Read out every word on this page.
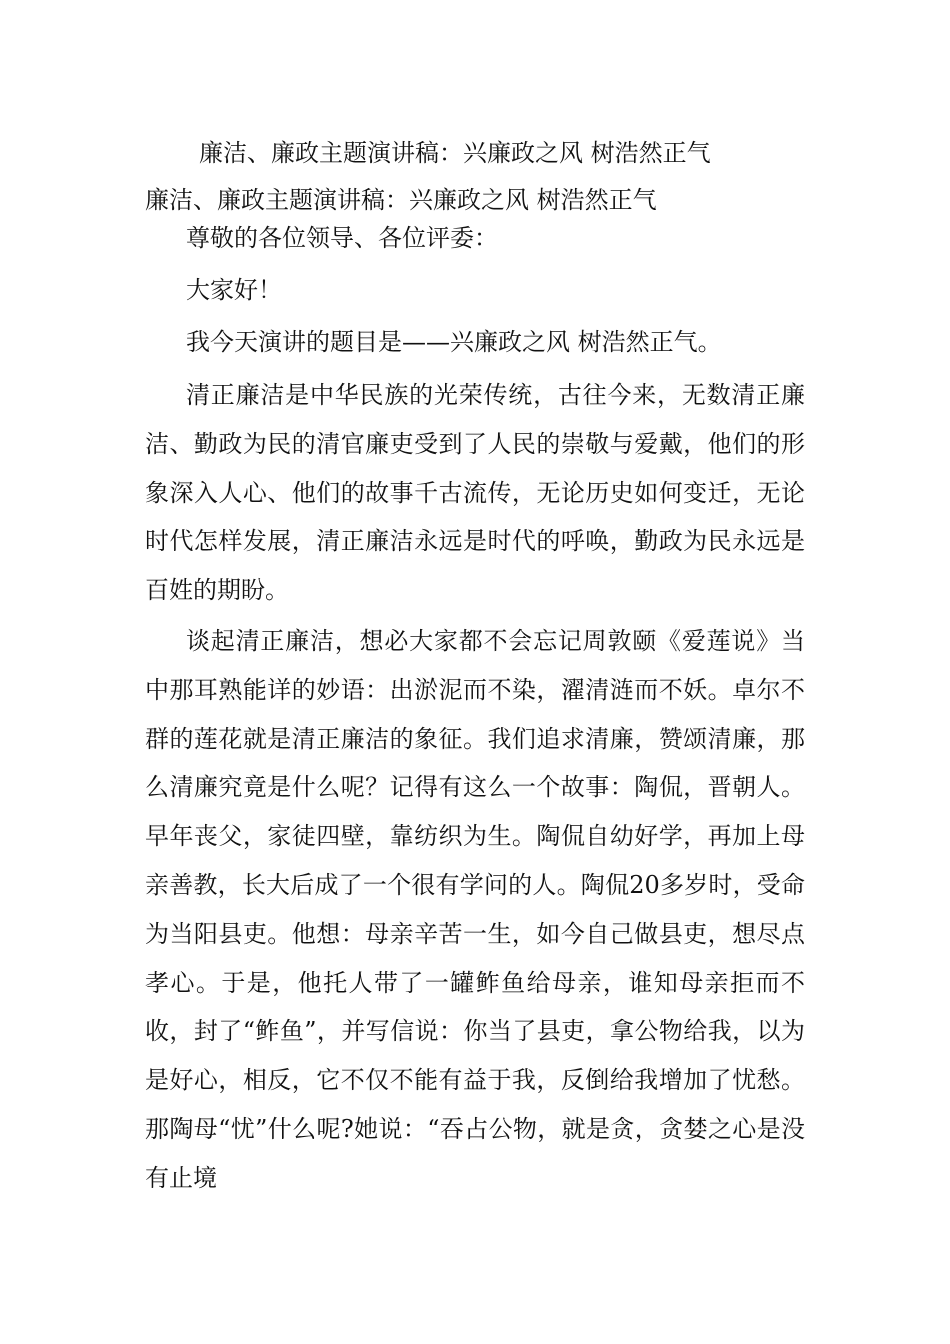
廉洁、廉政主题演讲稿：兴廉政之风 树浩然正气
廉洁、廉政主题演讲稿：兴廉政之风 树浩然正气
尊敬的各位领导、各位评委：
大家好！
我今天演讲的题目是——兴廉政之风 树浩然正气。

清正廉洁是中华民族的光荣传统，古往今来，无数清正廉洁、勤政为民的清官廉吏受到了人民的崇敬与爱戴，他们的形象深入人心、他们的故事千古流传，无论历史如何变迁，无论时代怎样发展，清正廉洁永远是时代的呼唤，勤政为民永远是百姓的期盼。

谈起清正廉洁，想必大家都不会忘记周敦颐《爱莲说》当中那耳熟能详的妙语：出淤泥而不染，濯清涟而不妖。卓尔不群的莲花就是清正廉洁的象征。我们追求清廉，赞颂清廉，那么清廉究竟是什么呢？记得有这么一个故事：陶侃，晋朝人。早年丧父，家徒四壁，靠纺织为生。陶侃自幼好学，再加上母亲善教，长大后成了一个很有学问的人。陶侃20多岁时，受命为当阳县吏。他想：母亲辛苦一生，如今自己做县吏，想尽点孝心。于是，他托人带了一罐鲊鱼给母亲，谁知母亲拒而不收，封了“鲊鱼”，并写信说：你当了县吏，拿公物给我，以为是好心，相反，它不仅不能有益于我，反倒给我增加了忧愁。那陶母“忧”什么呢?她说：“吞占公物，就是贪，贪婪之心是没有止境
